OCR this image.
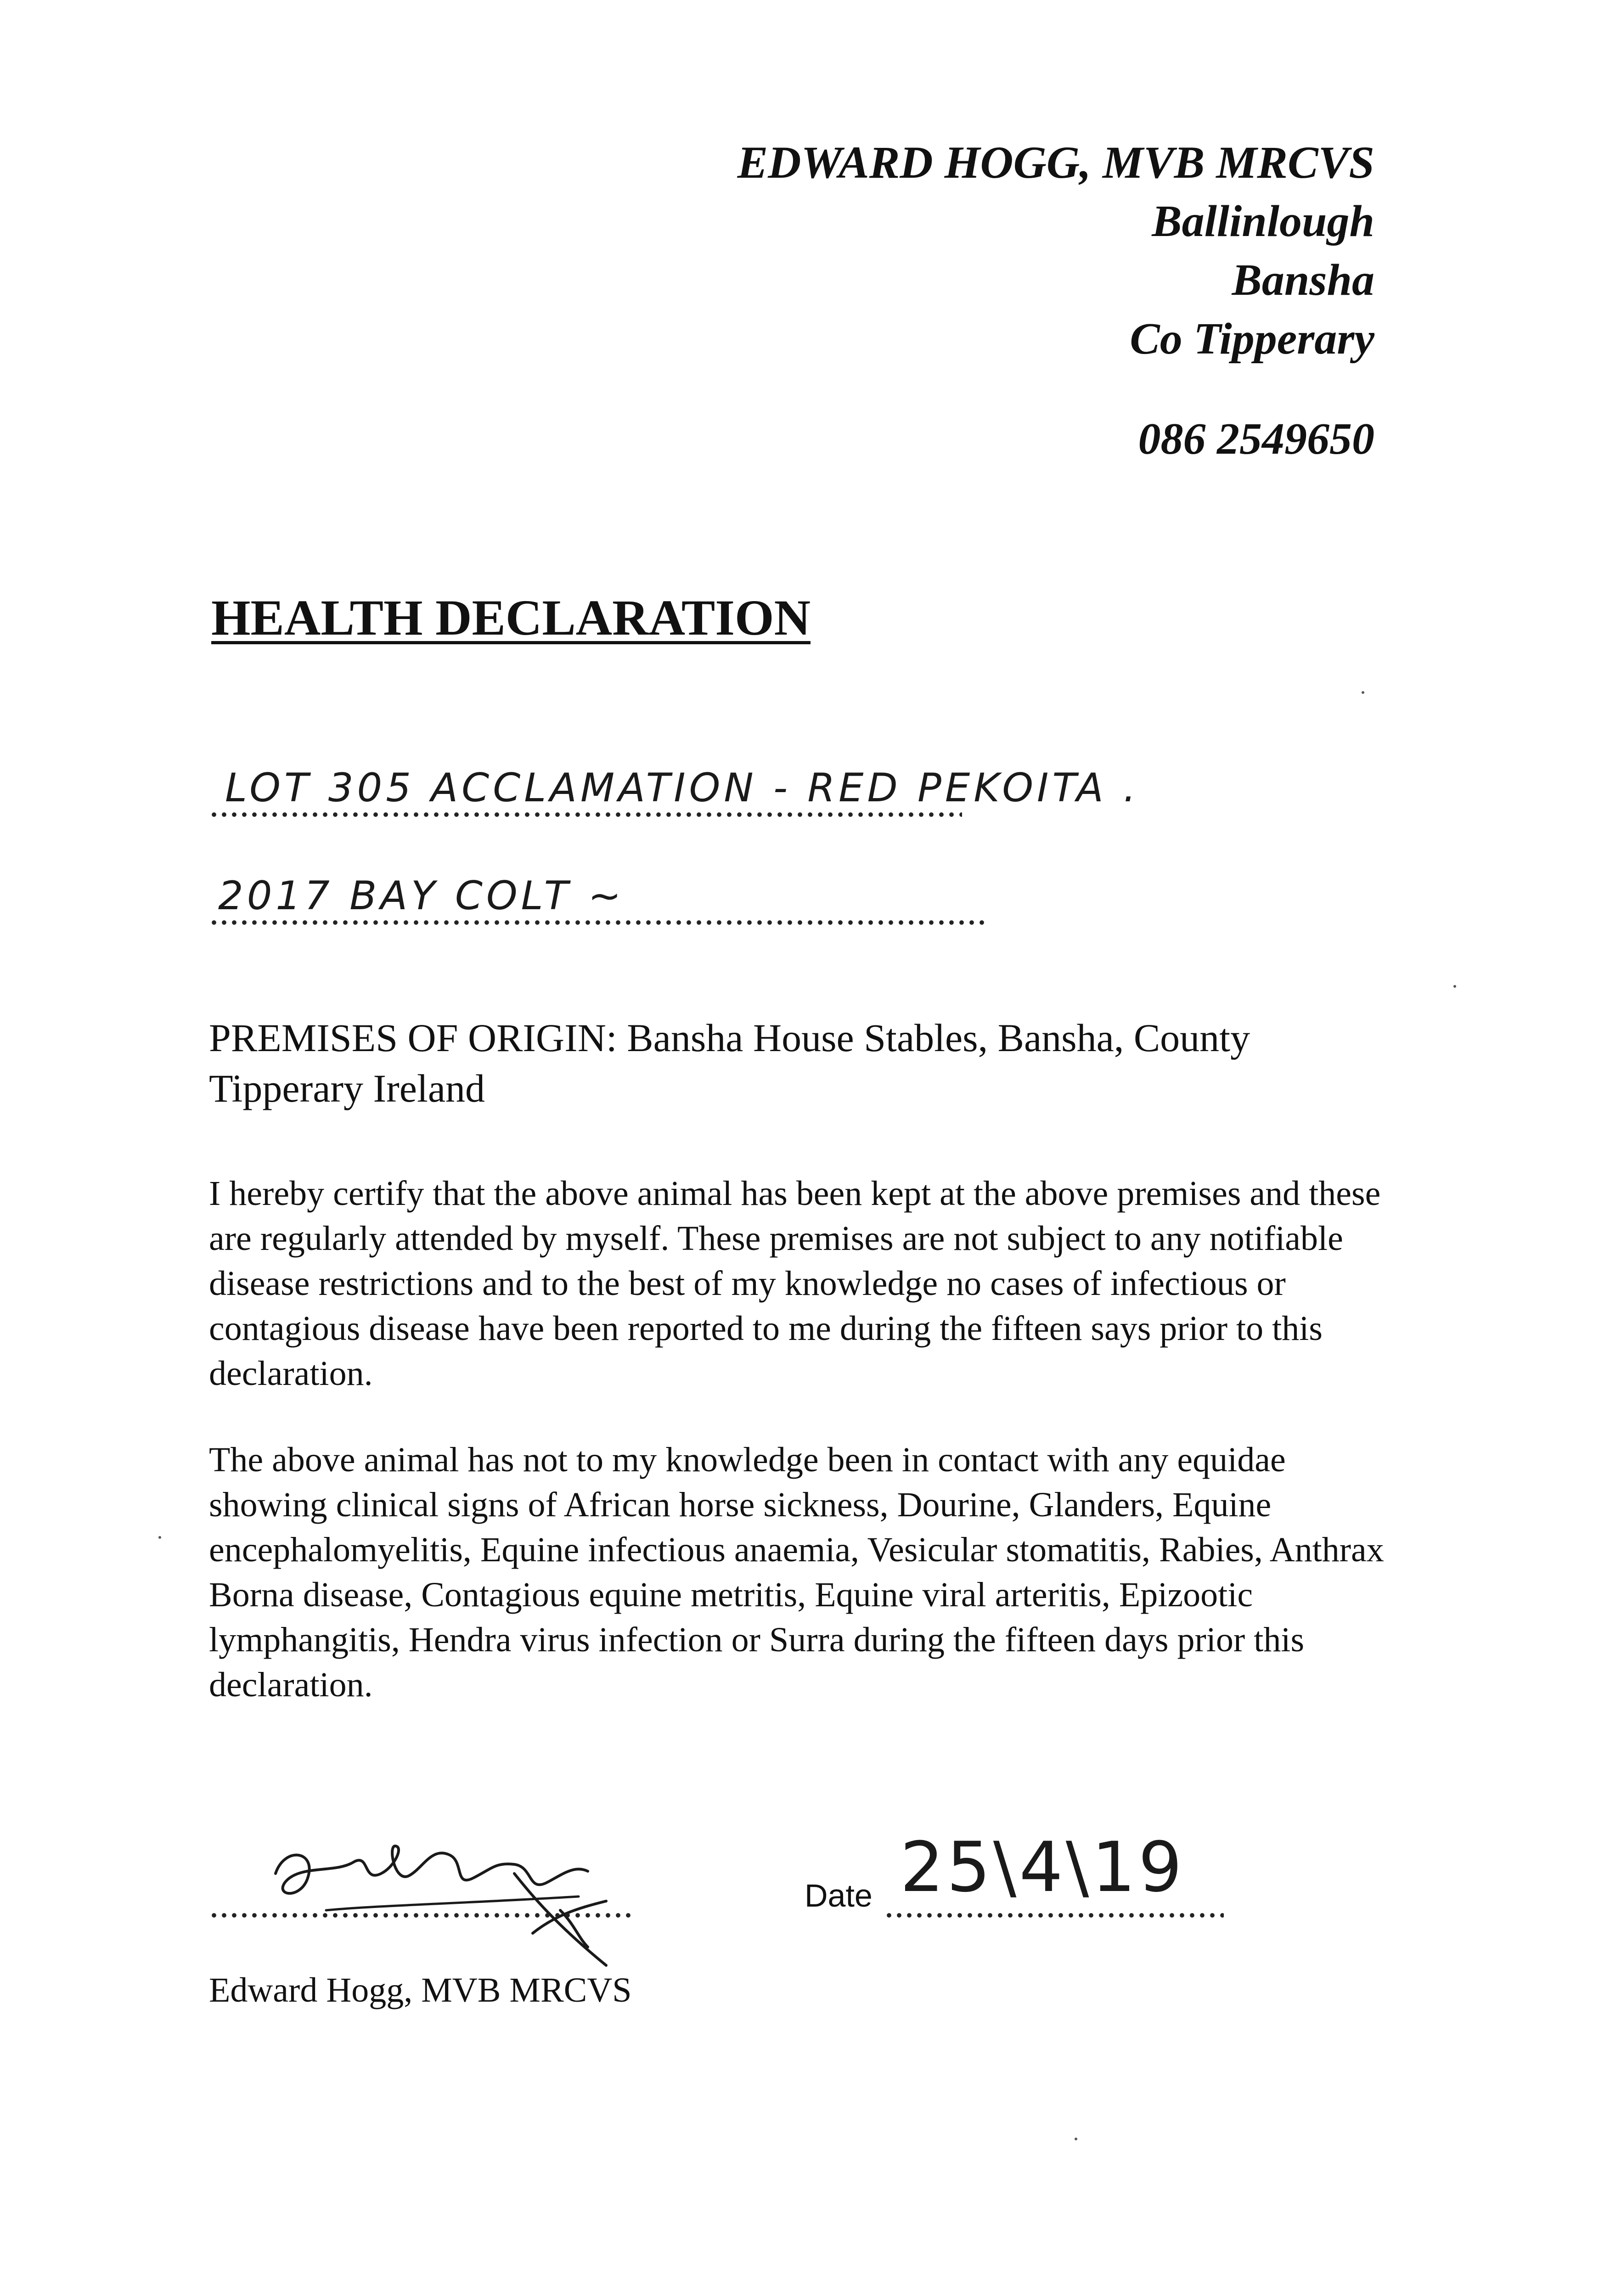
EDWARD HOGG, MVB MRCVS
Ballinlough
Bansha
Co Tipperary
086 2549650
HEALTH DECLARATION
LOT 305 ACCLAMATION - RED PEKOITA .
2017 BAY COLT ~
PREMISES OF ORIGIN: Bansha House Stables, Bansha, County Tipperary Ireland
I hereby certify that the above animal has been kept at the above premises and these are regularly attended by myself. These premises are not subject to any notifiable disease restrictions and to the best of my knowledge no cases of infectious or contagious disease have been reported to me during the fifteen says prior to this declaration.
The above animal has not to my knowledge been in contact with any equidae showing clinical signs of African horse sickness, Dourine, Glanders, Equine encephalomyelitis, Equine infectious anaemia, Vesicular stomatitis, Rabies, Anthrax Borna disease, Contagious equine metritis, Equine viral arteritis, Epizootic lymphangitis, Hendra virus infection or Surra during the fifteen days prior this declaration.
Edward Hogg, MVB MRCVS
Date 25\4\19
